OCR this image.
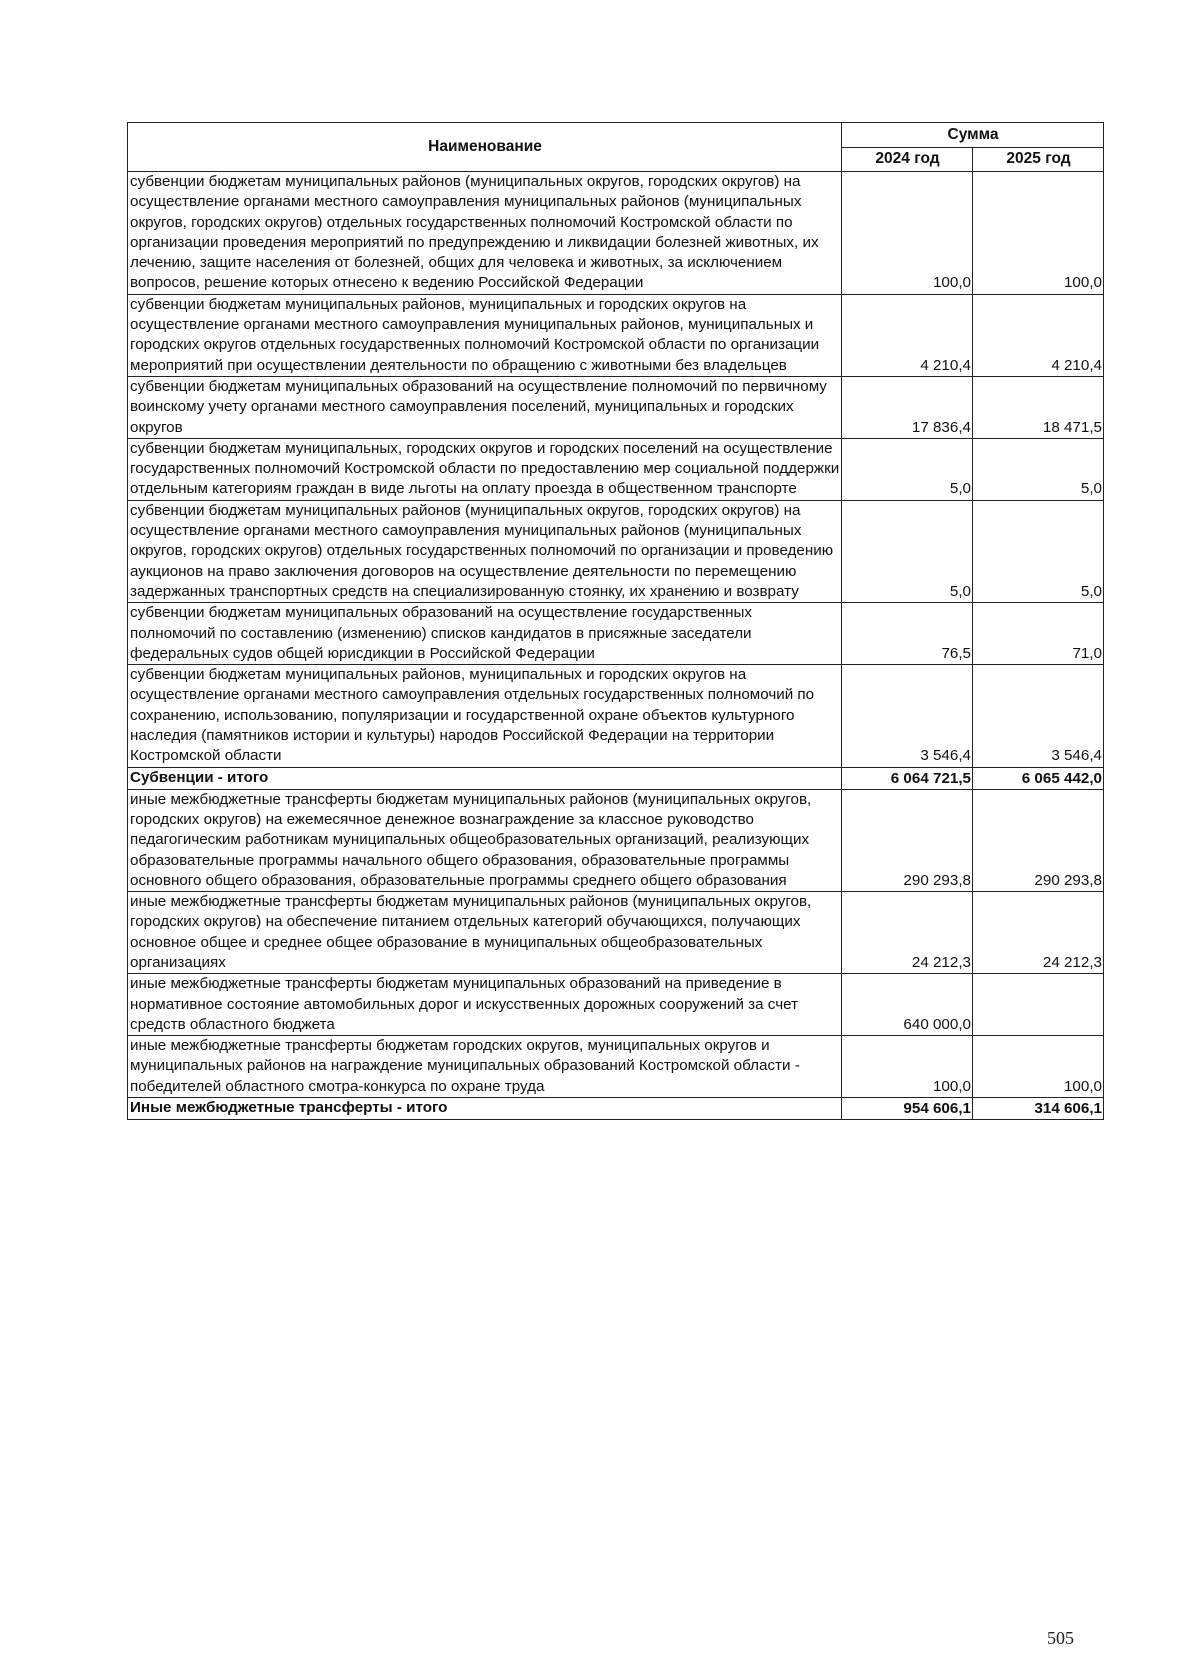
Наименование	Сумма	
	2024 год	2025 год
субвенции бюджетам муниципальных районов (муниципальных округов, городских округов) на осуществление органами местного самоуправления муниципальных районов (муниципальных округов, городских округов) отдельных государственных полномочий Костромской области по организации проведения мероприятий по предупреждению и ликвидации болезней животных, их лечению, защите населения от болезней, общих для человека и животных, за исключением вопросов, решение которых отнесено к ведению Российской Федерации	100,0	100,0
субвенции бюджетам муниципальных районов, муниципальных и городских округов на осуществление органами местного самоуправления муниципальных районов, муниципальных и городских округов отдельных государственных полномочий Костромской области по организации мероприятий при осуществлении деятельности по обращению с животными без владельцев	4 210,4	4 210,4
субвенции бюджетам муниципальных образований на осуществление полномочий по первичному воинскому учету органами местного самоуправления поселений, муниципальных и городских округов	17 836,4	18 471,5
субвенции бюджетам муниципальных, городских округов и городских поселений на осуществление государственных полномочий Костромской области по предоставлению мер социальной поддержки отдельным категориям граждан в виде льготы на оплату проезда в общественном транспорте	5,0	5,0
субвенции бюджетам муниципальных районов (муниципальных округов, городских округов) на осуществление органами местного самоуправления муниципальных районов (муниципальных округов, городских округов) отдельных государственных полномочий по организации и проведению аукционов на право заключения договоров на осуществление деятельности по перемещению задержанных транспортных средств на специализированную стоянку, их хранению и возврату	5,0	5,0
субвенции бюджетам муниципальных образований на осуществление государственных полномочий по составлению (изменению) списков кандидатов в присяжные заседатели федеральных судов общей юрисдикции в Российской Федерации	76,5	71,0
субвенции бюджетам муниципальных районов, муниципальных и городских округов на осуществление органами местного самоуправления отдельных государственных полномочий по сохранению, использованию, популяризации и государственной охране объектов культурного наследия (памятников истории и культуры) народов Российской Федерации на территории Костромской области	3 546,4	3 546,4
Субвенции - итого	6 064 721,5	6 065 442,0
иные межбюджетные трансферты бюджетам муниципальных районов (муниципальных округов, городских округов) на ежемесячное денежное вознаграждение за классное руководство педагогическим работникам муниципальных общеобразовательных организаций, реализующих образовательные программы начального общего образования, образовательные программы основного общего образования, образовательные программы среднего общего образования	290 293,8	290 293,8
иные межбюджетные трансферты бюджетам муниципальных районов (муниципальных округов, городских округов) на обеспечение питанием отдельных категорий обучающихся, получающих основное общее и среднее общее образование в муниципальных общеобразовательных организациях	24 212,3	24 212,3
иные межбюджетные трансферты бюджетам муниципальных образований на приведение в нормативное состояние автомобильных дорог и искусственных дорожных сооружений за счет средств областного бюджета	640 000,0	
иные межбюджетные трансферты бюджетам городских округов, муниципальных округов и муниципальных районов на награждение муниципальных образований Костромской области - победителей областного смотра-конкурса по охране труда	100,0	100,0
Иные межбюджетные трансферты - итого	954 606,1	314 606,1
505
